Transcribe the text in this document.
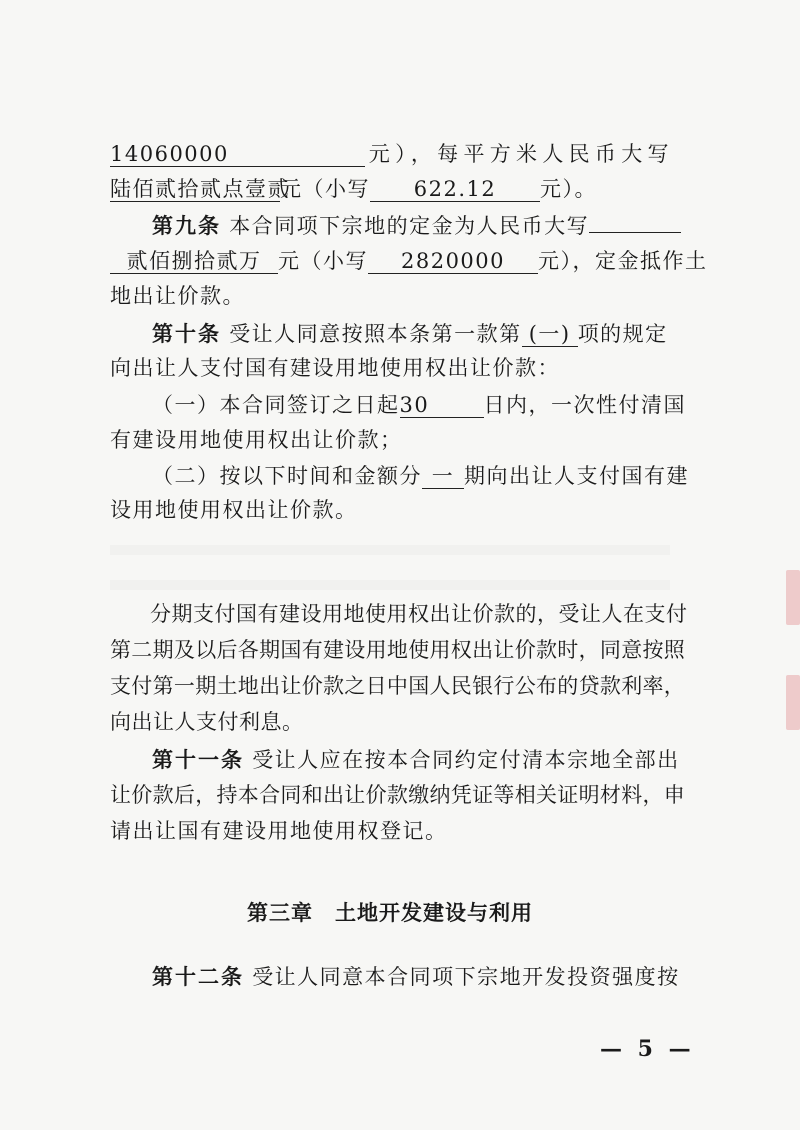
14060000	元），每平方米人民币大写
陆佰贰拾贰点壹贰元（小写 622.12 元）。
第九条 本合同项下宗地的定金为人民币大写
贰佰捌拾贰万 元（小写 2820000 元），定金抵作土
地出让价款。
第十条 受让人同意按照本条第一款第 (一) 项的规定
向出让人支付国有建设用地使用权出让价款：
（一）本合同签订之日起30	日内，一次性付清国
有建设用地使用权出让价款；
（二）按以下时间和金额分 一 期向出让人支付国有建
设用地使用权出让价款。
分期支付国有建设用地使用权出让价款的，受让人在支付
第二期及以后各期国有建设用地使用权出让价款时，同意按照
支付第一期土地出让价款之日中国人民银行公布的贷款利率，
向出让人支付利息。
第十一条 受让人应在按本合同约定付清本宗地全部出
让价款后，持本合同和出让价款缴纳凭证等相关证明材料，申
请出让国有建设用地使用权登记。
第三章　土地开发建设与利用
第十二条 受让人同意本合同项下宗地开发投资强度按
— 5 —
